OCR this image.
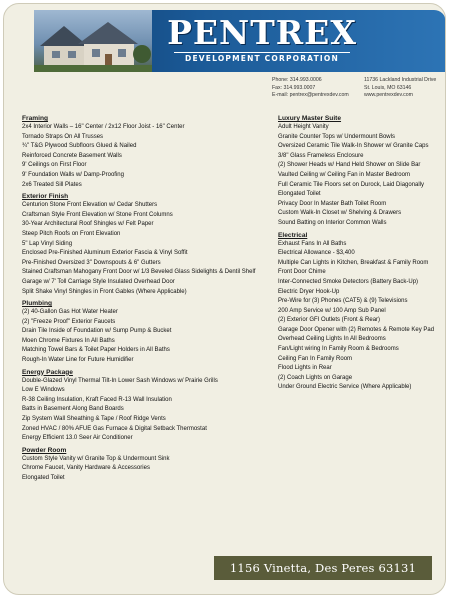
PENTREX
DEVELOPMENT CORPORATION
Phone: 314.993.0006
Fax: 314.993.0007
E-mail: pentrex@pentrexdev.com
11736 Lackland Industrial Drive
St. Louis, MO 63146
www.pentrexdev.com
Framing
2x4 Interior Walls – 16" Center / 2x12 Floor Joist - 16" Center
Tornado Straps On All Trusses
¾" T&G Plywood Subfloors Glued & Nailed
Reinforced Concrete Basement Walls
9' Ceilings on First Floor
9' Foundation Walls w/ Damp-Proofing
2x6 Treated Sill Plates
Exterior Finish
Centurion Stone Front Elevation w/ Cedar Shutters
Craftsman Style Front Elevation w/ Stone Front Columns
30-Year Architectural Roof Shingles w/ Felt Paper
Steep Pitch Roofs on Front Elevation
5" Lap Vinyl Siding
Enclosed Pre-Finished Aluminum Exterior Fascia & Vinyl Soffit
Pre-Finished Oversized 3" Downspouts & 6" Gutters
Stained Craftsman Mahogany Front Door w/ 1/3 Beveled Glass Sidelights & Dentil Shelf
Garage w/ 7' Toll Carriage Style Insulated Overhead Door
Split Shake Vinyl Shingles in Front Gables (Where Applicable)
Plumbing
(2) 40-Gallon Gas Hot Water Heater
(2) "Freeze Proof" Exterior Faucets
Drain Tile Inside of Foundation w/ Sump Pump & Bucket
Moen Chrome Fixtures In All Baths
Matching Towel Bars & Toilet Paper Holders in All Baths
Rough-In Water Line for Future Humidifier
Energy Package
Double-Glazed Vinyl Thermal Tilt-In Lower Sash Windows w/ Prairie Grills
Low E Windows
R-38 Ceiling Insulation, Kraft Faced R-13 Wall Insulation
Batts in Basement Along Band Boards
Zip System Wall Sheathing & Tape / Roof Ridge Vents
Zoned HVAC / 80% AFUE Gas Furnace & Digital Setback Thermostat
Energy Efficient 13.0 Seer Air Conditioner
Powder Room
Custom Style Vanity w/ Granite Top & Undermount Sink
Chrome Faucet, Vanity Hardware & Accessories
Elongated Toilet
Luxury Master Suite
Adult Height Vanity
Granite Counter Tops w/ Undermount Bowls
Oversized Ceramic Tile Walk-In Shower w/ Granite Caps
3/8" Glass Frameless Enclosure
(2) Shower Heads w/ Hand Held Shower on Slide Bar
Vaulted Ceiling w/ Ceiling Fan in Master Bedroom
Full Ceramic Tile Floors set on Durock, Laid Diagonally
Elongated Toilet
Privacy Door In Master Bath Toilet Room
Custom Walk-In Closet w/ Shelving & Drawers
Sound Batting on Interior Common Walls
Electrical
Exhaust Fans In All Baths
Electrical Allowance - $3,400
Multiple Can Lights in Kitchen, Breakfast & Family Room
Front Door Chime
Inter-Connected Smoke Detectors (Battery Back-Up)
Electric Dryer Hook-Up
Pre-Wire for (3) Phones (CAT5) & (9) Televisions
200 Amp Service w/ 100 Amp Sub Panel
(2) Exterior GFI Outlets (Front & Rear)
Garage Door Opener with (2) Remotes & Remote Key Pad
Overhead Ceiling Lights In All Bedrooms
Fan/Light wiring In Family Room & Bedrooms
Ceiling Fan In Family Room
Flood Lights in Rear
(2) Coach Lights on Garage
Under Ground Electric Service (Where Applicable)
1156 Vinetta, Des Peres 63131
